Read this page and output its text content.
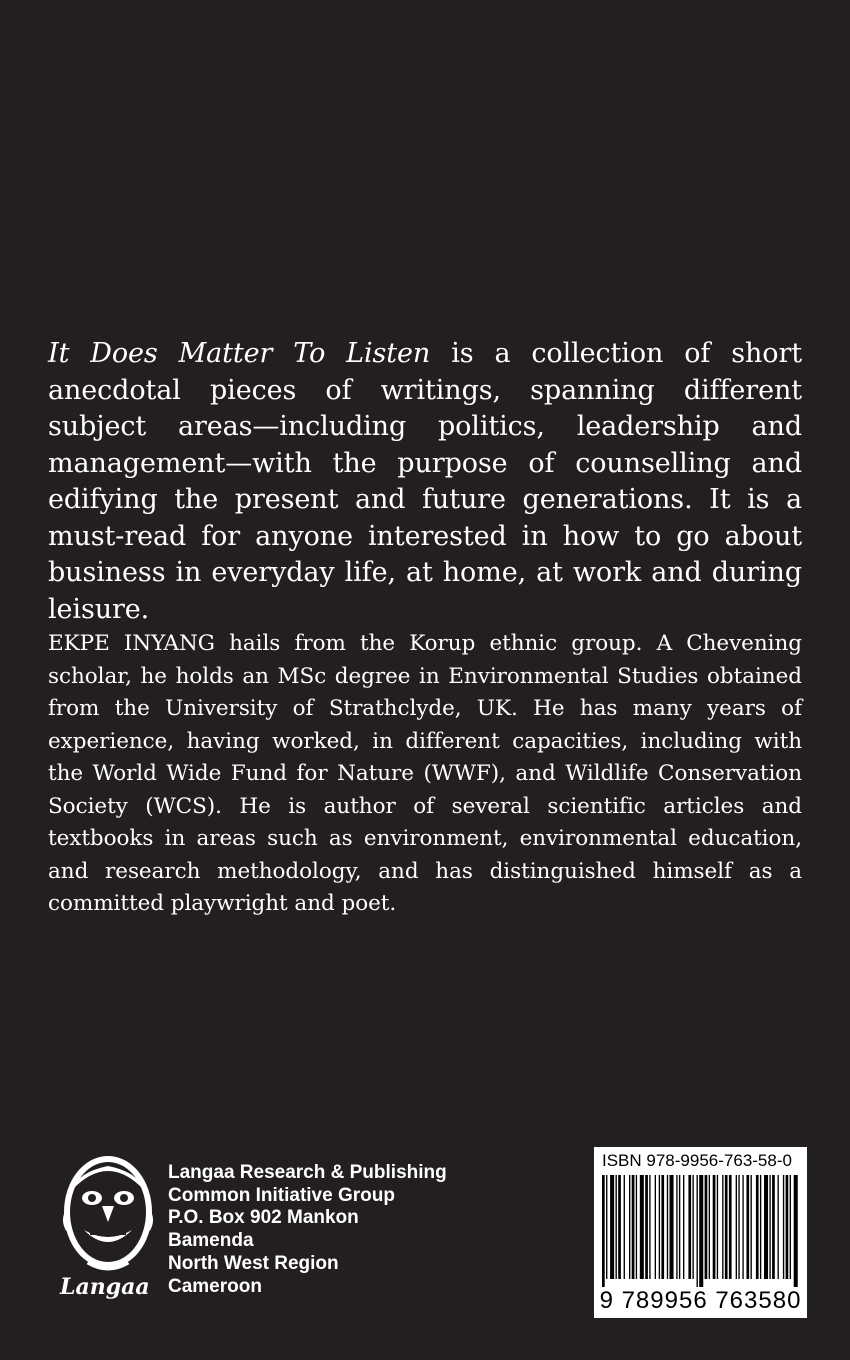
It Does Matter To Listen is a collection of short anecdotal pieces of writings, spanning different subject areas—including politics, leadership and management—with the purpose of counselling and edifying the present and future generations. It is a must-read for anyone interested in how to go about business in everyday life, at home, at work and during leisure.

EKPE INYANG hails from the Korup ethnic group. A Chevening scholar, he holds an MSc degree in Environmental Studies obtained from the University of Strathclyde, UK. He has many years of experience, having worked, in different capacities, including with the World Wide Fund for Nature (WWF), and Wildlife Conservation Society (WCS). He is author of several scientific articles and textbooks in areas such as environment, environmental education, and research methodology, and has distinguished himself as a committed playwright and poet.

Langaa
Langaa Research & Publishing
Common Initiative Group
P.O. Box 902 Mankon
Bamenda
North West Region
Cameroon
ISBN 978-9956-763-58-0
9 789956 763580
